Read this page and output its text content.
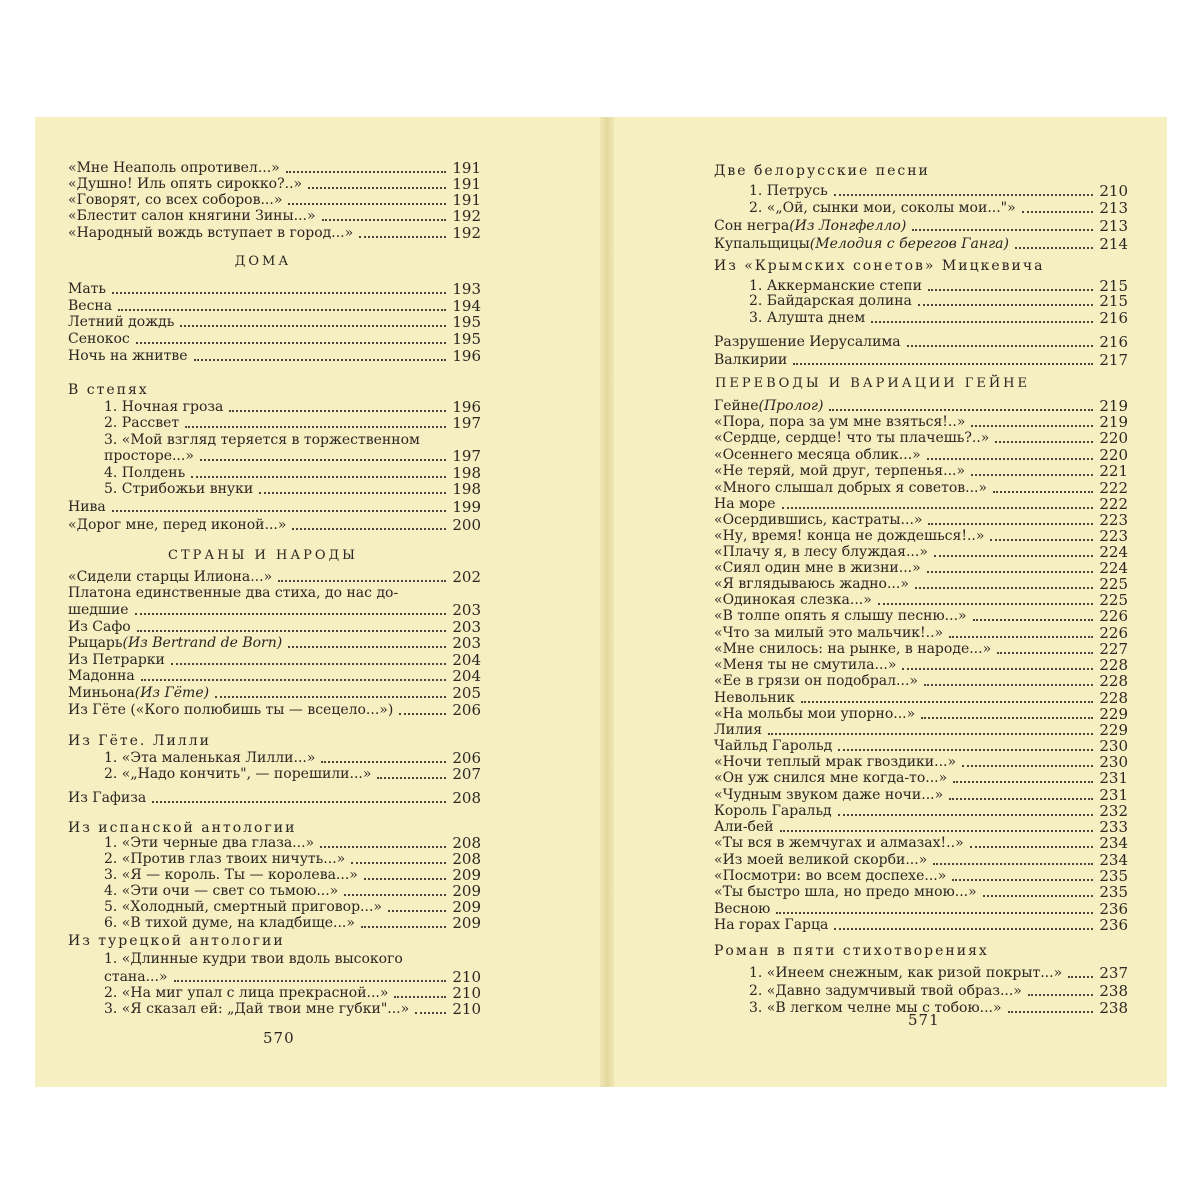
«Мне Неаполь опротивел...»	191
«Душно! Иль опять сирокко?..»	191
«Говорят, со всех соборов...»	191
«Блестит салон княгини Зины...»	192
«Народный вождь вступает в город...»	192
ДОМА
Мать	193
Весна	194
Летний дождь	195
Сенокос	195
Ночь на жнитве	196
В степях
1. Ночная гроза	196
2. Рассвет	197
3. «Мой взгляд теряется в торжественном
просторе...»	197
4. Полдень	198
5. Стрибожьи внуки	198
Нива	199
«Дорог мне, перед иконой...»	200
СТРАНЫ И НАРОДЫ
«Сидели старцы Илиона...»	202
Платона единственные два стиха, до нас до-
шедшие	203
Из Сафо	203
Рыцарь (Из Bertrand de Born)	203
Из Петрарки	204
Мадонна	204
Миньона (Из Гёте)	205
Из Гёте («Кого полюбишь ты — всецело...»)	206
Из Гёте. Лилли
1. «Эта маленькая Лилли...»	206
2. «„Надо кончить", — порешили...»	207
Из Гафиза	208
Из испанской антологии
1. «Эти черные два глаза...»	208
2. «Против глаз твоих ничуть...»	208
3. «Я — король. Ты — королева...»	209
4. «Эти очи — свет со тьмою...»	209
5. «Холодный, смертный приговор...»	209
6. «В тихой думе, на кладбище...»	209
Из турецкой антологии
1. «Длинные кудри твои вдоль высокого
стана...»	210
2. «На миг упал с лица прекрасной...»	210
3. «Я сказал ей: „Дай твои мне губки"...»	210
570
Две белорусские песни
1. Петрусь	210
2. «„Ой, сынки мои, соколы мои..."»	213
Сон негра (Из Лонгфелло)	213
Купальщицы (Мелодия с берегов Ганга)	214
Из «Крымских сонетов» Мицкевича
1. Аккерманские степи	215
2. Байдарская долина	215
3. Алушта днем	216
Разрушение Иерусалима	216
Валкирии	217
ПЕРЕВОДЫ И ВАРИАЦИИ ГЕЙНЕ
Гейне (Пролог)	219
«Пора, пора за ум мне взяться!..»	219
«Сердце, сердце! что ты плачешь?..»	220
«Осеннего месяца облик...»	220
«Не теряй, мой друг, терпенья...»	221
«Много слышал добрых я советов...»	222
На море	222
«Осердившись, кастраты...»	223
«Ну, время! конца не дождешься!..»	223
«Плачу я, в лесу блуждая...»	224
«Сиял один мне в жизни...»	224
«Я вглядываюсь жадно...»	225
«Одинокая слезка...»	225
«В толпе опять я слышу песню...»	226
«Что за милый это мальчик!..»	226
«Мне снилось: на рынке, в народе...»	227
«Меня ты не смутила...»	228
«Ее в грязи он подобрал...»	228
Невольник	228
«На мольбы мои упорно...»	229
Лилия	229
Чайльд Гарольд	230
«Ночи теплый мрак гвоздики...»	230
«Он уж снился мне когда-то...»	231
«Чудным звуком даже ночи...»	231
Король Гаральд	232
Али-бей	233
«Ты вся в жемчугах и алмазах!..»	234
«Из моей великой скорби...»	234
«Посмотри: во всем доспехе...»	235
«Ты быстро шла, но предо мною...»	235
Весною	236
На горах Гарца	236
Роман в пяти стихотворениях
1. «Инеем снежным, как ризой покрыт...» 237
2. «Давно задумчивый твой образ...»	238
3. «В легком челне мы с тобою...»	238
571
